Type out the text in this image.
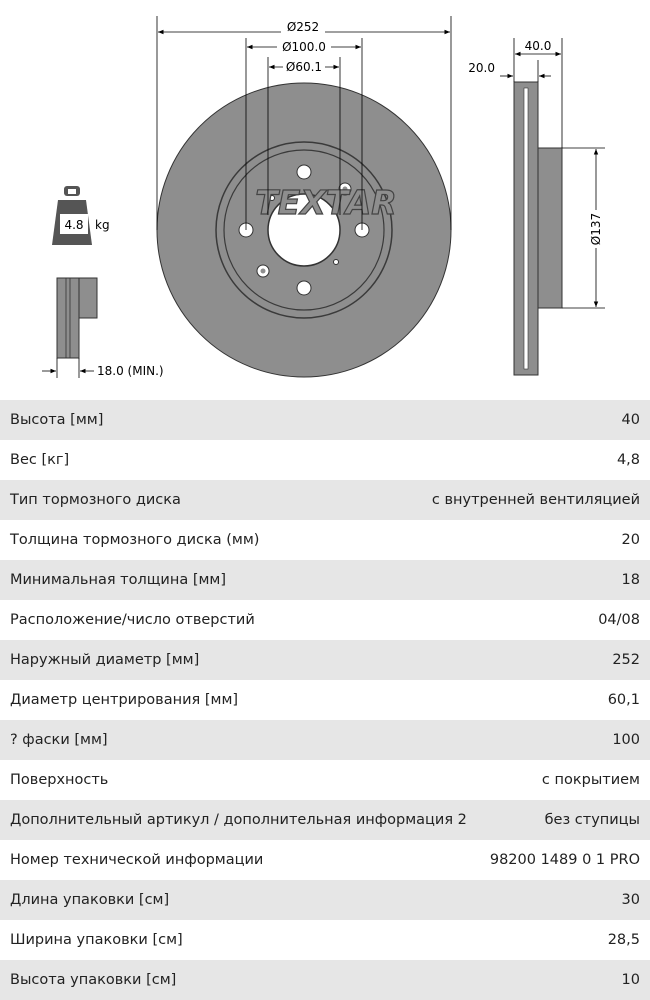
TEXTAR
Ø252
Ø100.0
Ø60.1
40.0
20.0
Ø137
4.8 kg
18.0 (MIN.)
Высота [мм]	40
Вес [кг]	4,8
Тип тормозного диска	с внутренней вентиляцией
Толщина тормозного диска (мм)	20
Минимальная толщина [мм]	18
Расположение/число отверстий	04/08
Наружный диаметр [мм]	252
Диаметр центрирования [мм]	60,1
? фаски [мм]	100
Поверхность	с покрытием
Дополнительный артикул / дополнительная информация 2	без ступицы
Номер технической информации	98200 1489 0 1 PRO
Длина упаковки [см]	30
Ширина упаковки [см]	28,5
Высота упаковки [см]	10
